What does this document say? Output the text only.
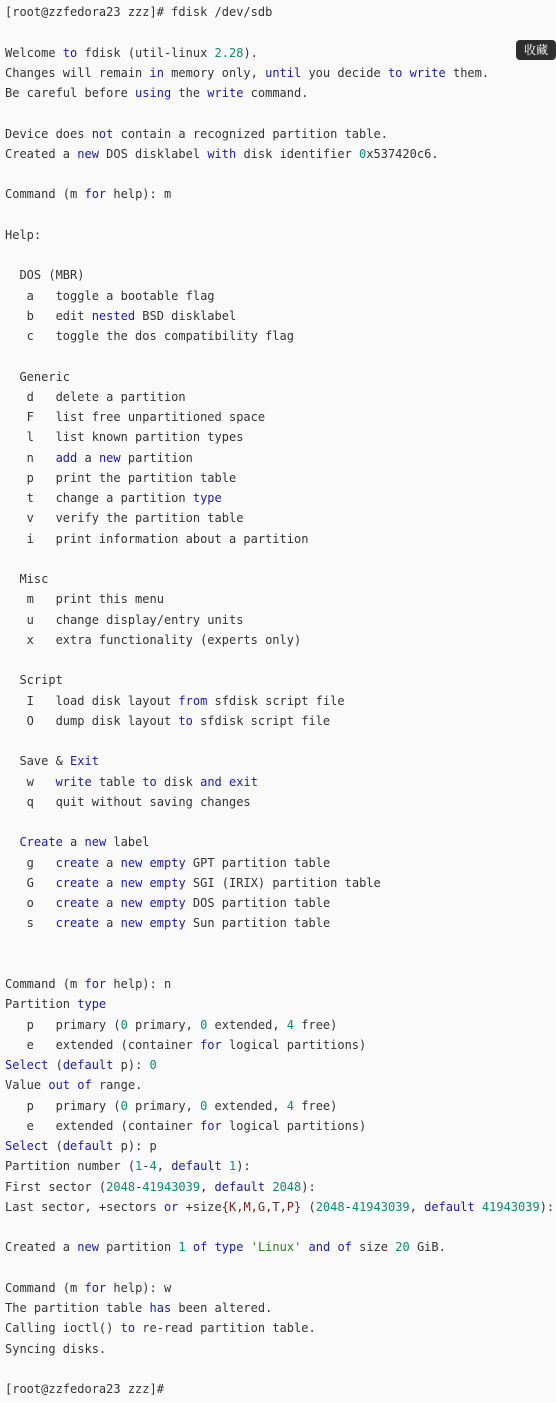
[root@zzfedora23 zzz]# fdisk /dev/sdb
Welcome to fdisk (util-linux 2.28).
Changes will remain in memory only, until you decide to write them.
Be careful before using the write command.
Device does not contain a recognized partition table.
Created a new DOS disklabel with disk identifier 0x537420c6.
Command (m for help): m
Help:
DOS (MBR)
a   toggle a bootable flag
b   edit nested BSD disklabel
c   toggle the dos compatibility flag
Generic
d   delete a partition
F   list free unpartitioned space
l   list known partition types
n   add a new partition
p   print the partition table
t   change a partition type
v   verify the partition table
i   print information about a partition
Misc
m   print this menu
u   change display/entry units
x   extra functionality (experts only)
Script
I   load disk layout from sfdisk script file
O   dump disk layout to sfdisk script file
Save & Exit
w   write table to disk and exit
q   quit without saving changes
Create a new label
g   create a new empty GPT partition table
G   create a new empty SGI (IRIX) partition table
o   create a new empty DOS partition table
s   create a new empty Sun partition table
Command (m for help): n
Partition type
p   primary (0 primary, 0 extended, 4 free)
e   extended (container for logical partitions)
Select (default p): 0
Value out of range.
p   primary (0 primary, 0 extended, 4 free)
e   extended (container for logical partitions)
Select (default p): p
Partition number (1-4, default 1):
First sector (2048-41943039, default 2048):
Last sector, +sectors or +size{K,M,G,T,P} (2048-41943039, default 41943039):
Created a new partition 1 of type 'Linux' and of size 20 GiB.
Command (m for help): w
The partition table has been altered.
Calling ioctl() to re-read partition table.
Syncing disks.
[root@zzfedora23 zzz]#
收藏
